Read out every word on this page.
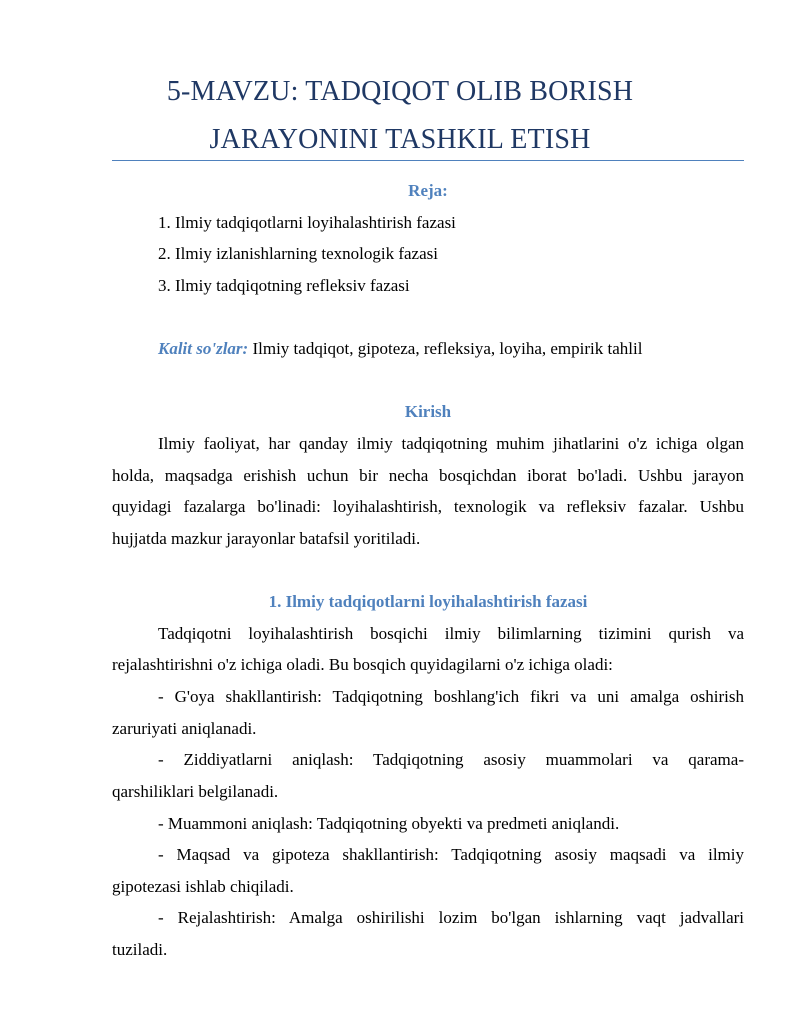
5-MAVZU: TADQIQOT OLIB BORISH
JARAYONINI TASHKIL ETISH
Reja:
1. Ilmiy tadqiqotlarni loyihalashtirish fazasi
2. Ilmiy izlanishlarning texnologik fazasi
3. Ilmiy tadqiqotning refleksiv fazasi
Kalit so'zlar: Ilmiy tadqiqot, gipoteza, refleksiya, loyiha, empirik tahlil
Kirish
Ilmiy faoliyat, har qanday ilmiy tadqiqotning muhim jihatlarini o'z ichiga olgan
holda, maqsadga erishish uchun bir necha bosqichdan iborat bo'ladi. Ushbu jarayon
quyidagi fazalarga bo'linadi: loyihalashtirish, texnologik va refleksiv fazalar. Ushbu
hujjatda mazkur jarayonlar batafsil yoritiladi.
1. Ilmiy tadqiqotlarni loyihalashtirish fazasi
Tadqiqotni loyihalashtirish bosqichi ilmiy bilimlarning tizimini qurish va
rejalashtirishni o'z ichiga oladi. Bu bosqich quyidagilarni o'z ichiga oladi:
- G'oya shakllantirish: Tadqiqotning boshlang'ich fikri va uni amalga oshirish
zaruriyati aniqlanadi.
- Ziddiyatlarni aniqlash: Tadqiqotning asosiy muammolari va qarama-
qarshiliklari belgilanadi.
- Muammoni aniqlash: Tadqiqotning obyekti va predmeti aniqlandi.
- Maqsad va gipoteza shakllantirish: Tadqiqotning asosiy maqsadi va ilmiy
gipotezasi ishlab chiqiladi.
- Rejalashtirish: Amalga oshirilishi lozim bo'lgan ishlarning vaqt jadvallari
tuziladi.
